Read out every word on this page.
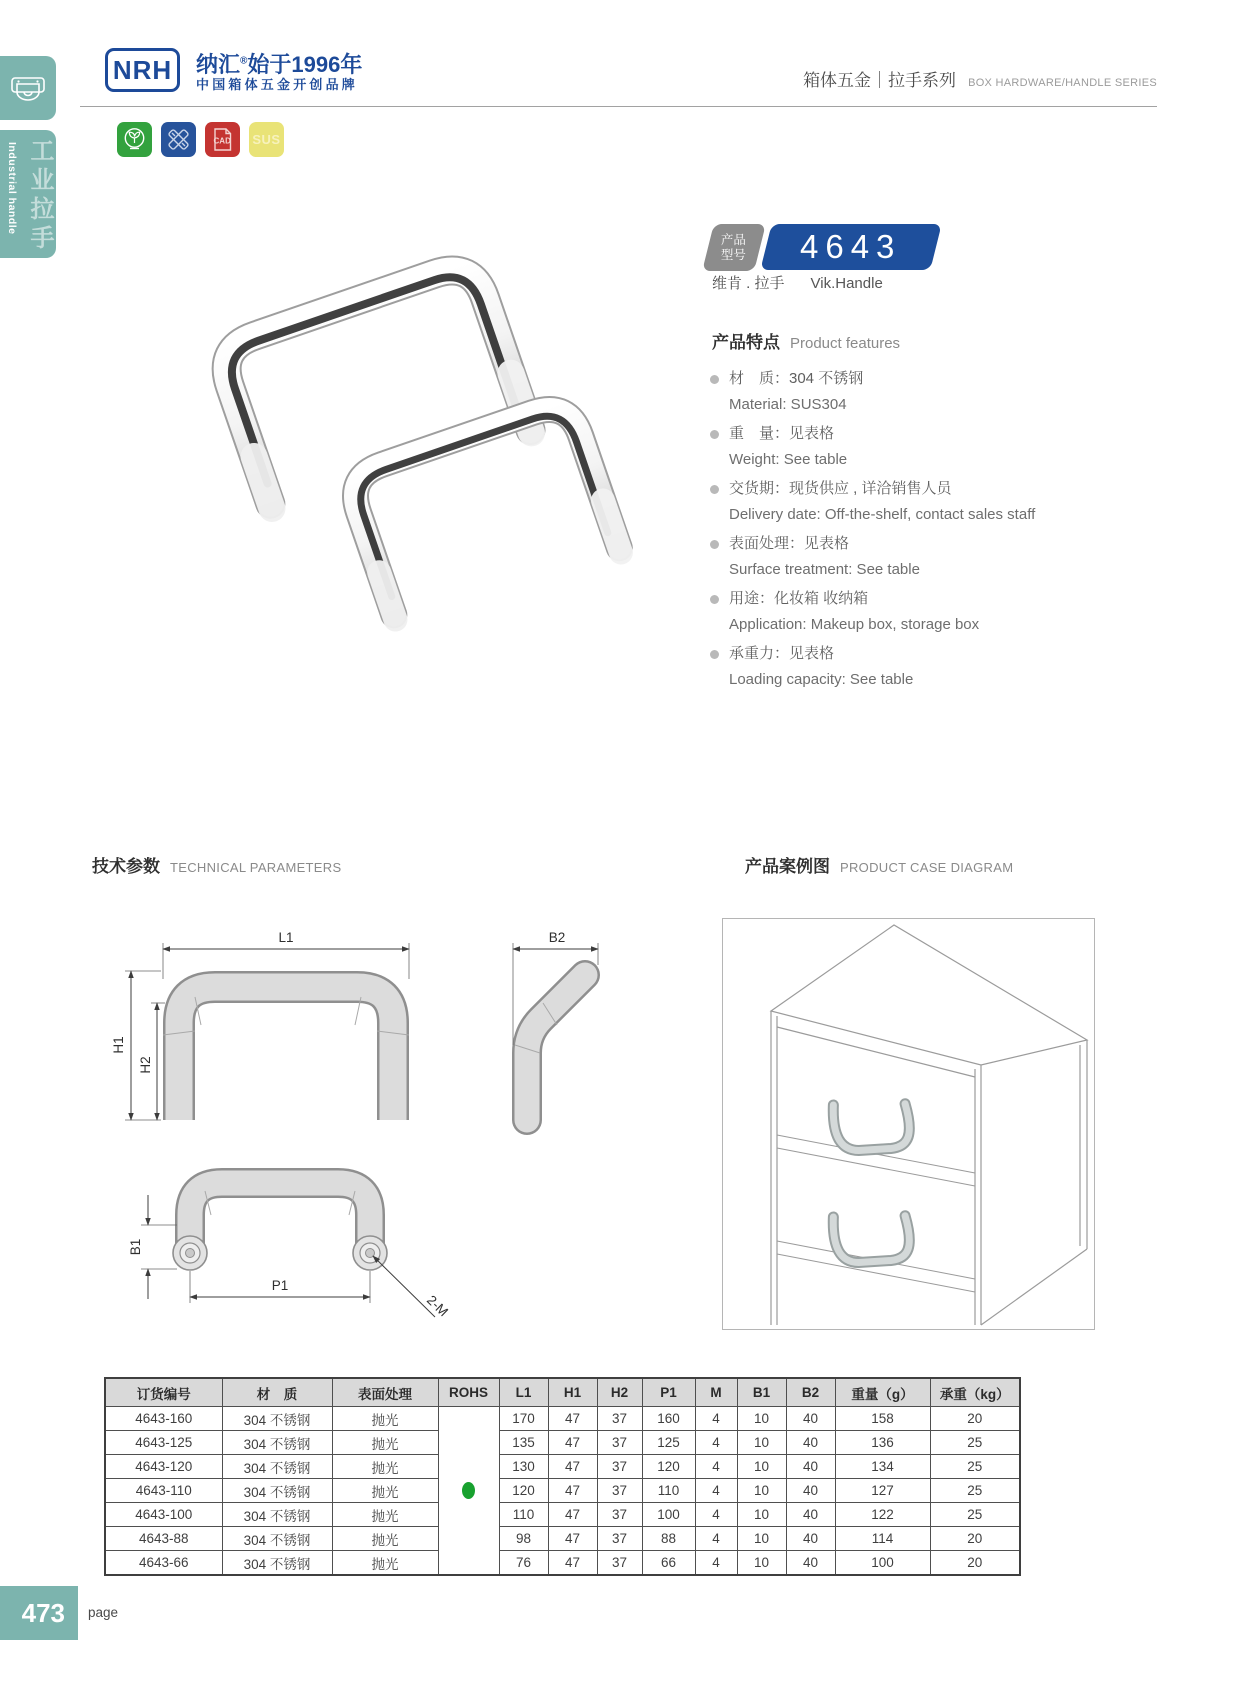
Industrial handle 工业拉手
NRH 纳汇®始于1996年
中国箱体五金开创品牌	箱体五金｜拉手系列 BOX HARDWARE/HANDLE SERIES
CAD SUS
产品
型号 4643
维肯 . 拉手 Vik.Handle
产品特点 Product features
材　质：304 不锈钢
Material: SUS304
重　量：见表格
Weight: See table
交货期：现货供应 , 详洽销售人员
Delivery date: Off-the-shelf, contact sales staff
表面处理：见表格
Surface treatment: See table
用途：化妆箱 收纳箱
Application: Makeup box, storage box
承重力：见表格
Loading capacity: See table
技术参数 TECHNICAL PARAMETERS	产品案例图 PRODUCT CASE DIAGRAM
L1
H1
H2
B2
B1
P1
2-M
订货编号	材　质	表面处理	ROHS	L1	H1	H2	P1	M	B1	B2	重量（g）	承重（kg）
4643-160	304 不锈钢	抛光		170	47	37	160	4	10	40	158	20
4643-125	304 不锈钢	抛光		135	47	37	125	4	10	40	136	25
4643-120	304 不锈钢	抛光		130	47	37	120	4	10	40	134	25
4643-110	304 不锈钢	抛光		120	47	37	110	4	10	40	127	25
4643-100	304 不锈钢	抛光		110	47	37	100	4	10	40	122	25
4643-88	304 不锈钢	抛光		98	47	37	88	4	10	40	114	20
4643-66	304 不锈钢	抛光		76	47	37	66	4	10	40	100	20
473	page
